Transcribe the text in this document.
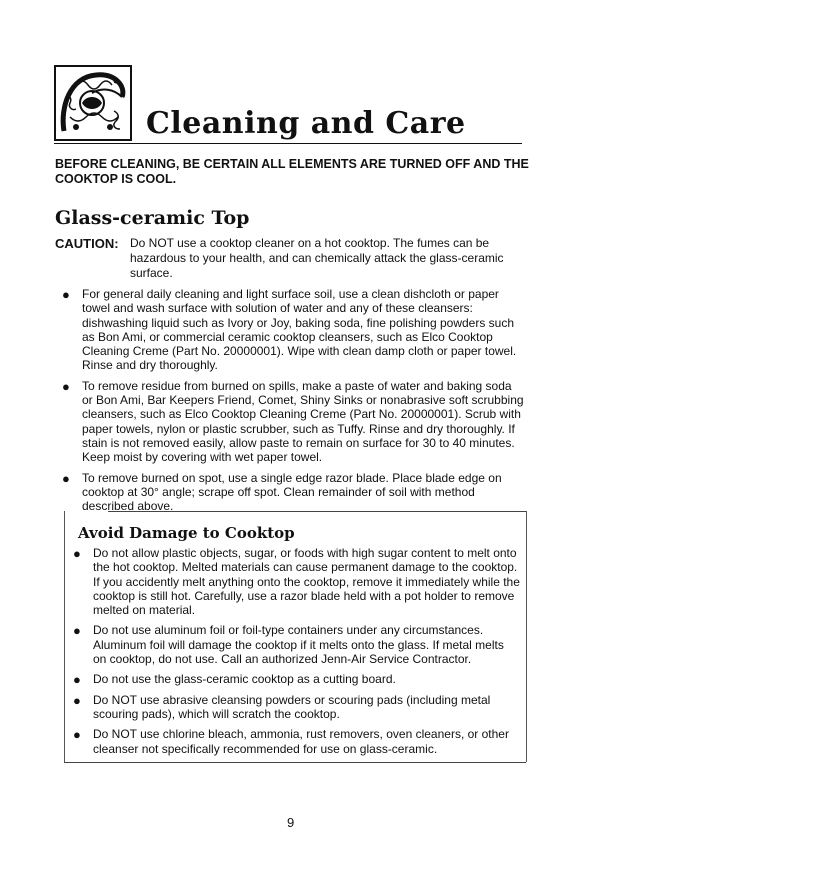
Cleaning and Care

BEFORE CLEANING, BE CERTAIN ALL ELEMENTS ARE TURNED OFF AND THE COOKTOP IS COOL.

Glass-ceramic Top
CAUTION: Do NOT use a cooktop cleaner on a hot cooktop. The fumes can be hazardous to your health, and can chemically attack the glass-ceramic surface.
● For general daily cleaning and light surface soil, use a clean dishcloth or paper towel and wash surface with solution of water and any of these cleansers: dishwashing liquid such as Ivory or Joy, baking soda, fine polishing powders such as Bon Ami, or commercial ceramic cooktop cleansers, such as Elco Cooktop Cleaning Creme (Part No. 20000001). Wipe with clean damp cloth or paper towel. Rinse and dry thoroughly.
● To remove residue from burned on spills, make a paste of water and baking soda or Bon Ami, Bar Keepers Friend, Comet, Shiny Sinks or nonabrasive soft scrubbing cleansers, such as Elco Cooktop Cleaning Creme (Part No. 20000001). Scrub with paper towels, nylon or plastic scrubber, such as Tuffy. Rinse and dry thoroughly. If stain is not removed easily, allow paste to remain on surface for 30 to 40 minutes. Keep moist by covering with wet paper towel.
● To remove burned on spot, use a single edge razor blade. Place blade edge on cooktop at 30° angle; scrape off spot. Clean remainder of soil with method described above.
Avoid Damage to Cooktop
● Do not allow plastic objects, sugar, or foods with high sugar content to melt onto the hot cooktop. Melted materials can cause permanent damage to the cooktop. If you accidently melt anything onto the cooktop, remove it immediately while the cooktop is still hot. Carefully, use a razor blade held with a pot holder to remove melted on material.
● Do not use aluminum foil or foil-type containers under any circumstances. Aluminum foil will damage the cooktop if it melts onto the glass. If metal melts on cooktop, do not use. Call an authorized Jenn-Air Service Contractor.
● Do not use the glass-ceramic cooktop as a cutting board.
● Do NOT use abrasive cleansing powders or scouring pads (including metal scouring pads), which will scratch the cooktop.
● Do NOT use chlorine bleach, ammonia, rust removers, oven cleaners, or other cleanser not specifically recommended for use on glass-ceramic.
9
